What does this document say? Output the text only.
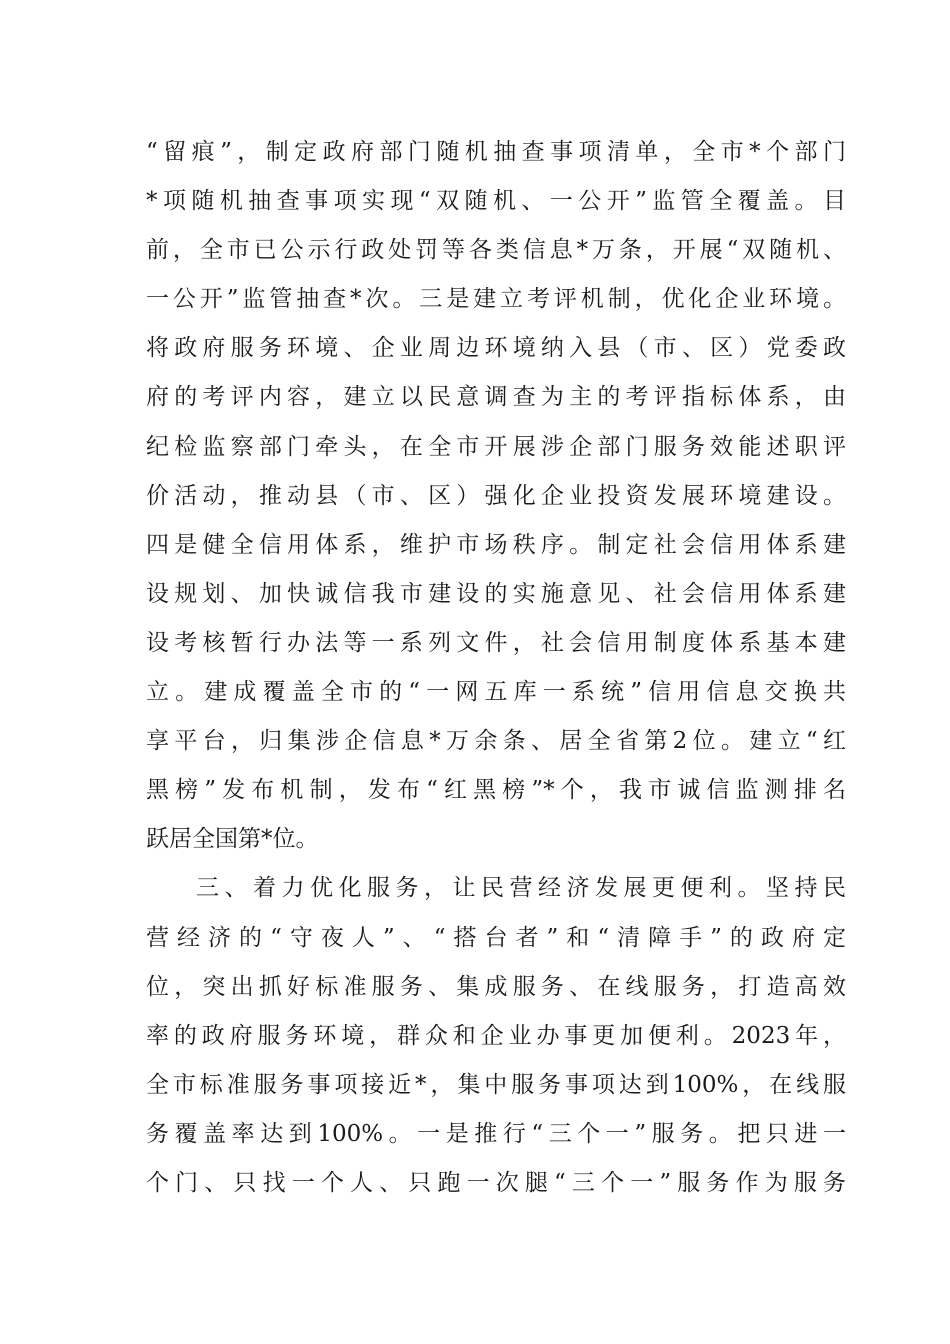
“留痕”，制定政府部门随机抽查事项清单，全市*个部门
*项随机抽查事项实现“双随机、一公开”监管全覆盖。目
前，全市已公示行政处罚等各类信息*万条，开展“双随机、
一公开”监管抽查*次。三是建立考评机制，优化企业环境。
将政府服务环境、企业周边环境纳入县（市、区）党委政
府的考评内容，建立以民意调查为主的考评指标体系，由
纪检监察部门牵头，在全市开展涉企部门服务效能述职评
价活动，推动县（市、区）强化企业投资发展环境建设。
四是健全信用体系，维护市场秩序。制定社会信用体系建
设规划、加快诚信我市建设的实施意见、社会信用体系建
设考核暂行办法等一系列文件，社会信用制度体系基本建
立。建成覆盖全市的“一网五库一系统”信用信息交换共
享平台，归集涉企信息*万余条、居全省第2位。建立“红
黑榜”发布机制，发布“红黑榜”*个，我市诚信监测排名
跃居全国第*位。
三、着力优化服务，让民营经济发展更便利。坚持民
营经济的“守夜人”、“搭台者”和“清障手”的政府定
位，突出抓好标准服务、集成服务、在线服务，打造高效
率的政府服务环境，群众和企业办事更加便利。2023年，
全市标准服务事项接近*，集中服务事项达到100%，在线服
务覆盖率达到100%。一是推行“三个一”服务。把只进一
个门、只找一个人、只跑一次腿“三个一”服务作为服务
